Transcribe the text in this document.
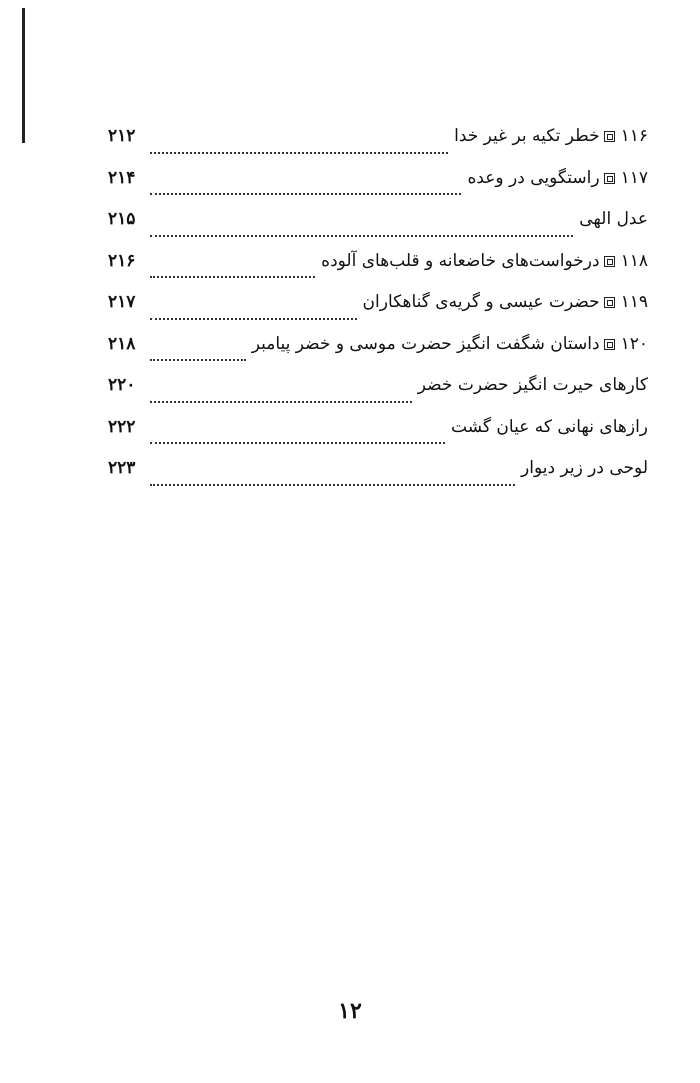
۱۱۶
خطر تکیه بر غیر خدا
۲۱۲
۱۱۷
راستگویی در وعده
۲۱۴
عدل الهی
۲۱۵
۱۱۸
درخواست‌های خاضعانه و قلب‌های آلوده
۲۱۶
۱۱۹
حضرت عیسی و گریه‌ی گناهکاران
۲۱۷
۱۲۰
داستان شگفت انگیز حضرت موسی و خضر پیامبر
۲۱۸
کارهای حیرت انگیز حضرت خضر
۲۲۰
رازهای نهانی که عیان گشت
۲۲۲
لوحی در زیر دیوار
۲۲۳
۱۲
